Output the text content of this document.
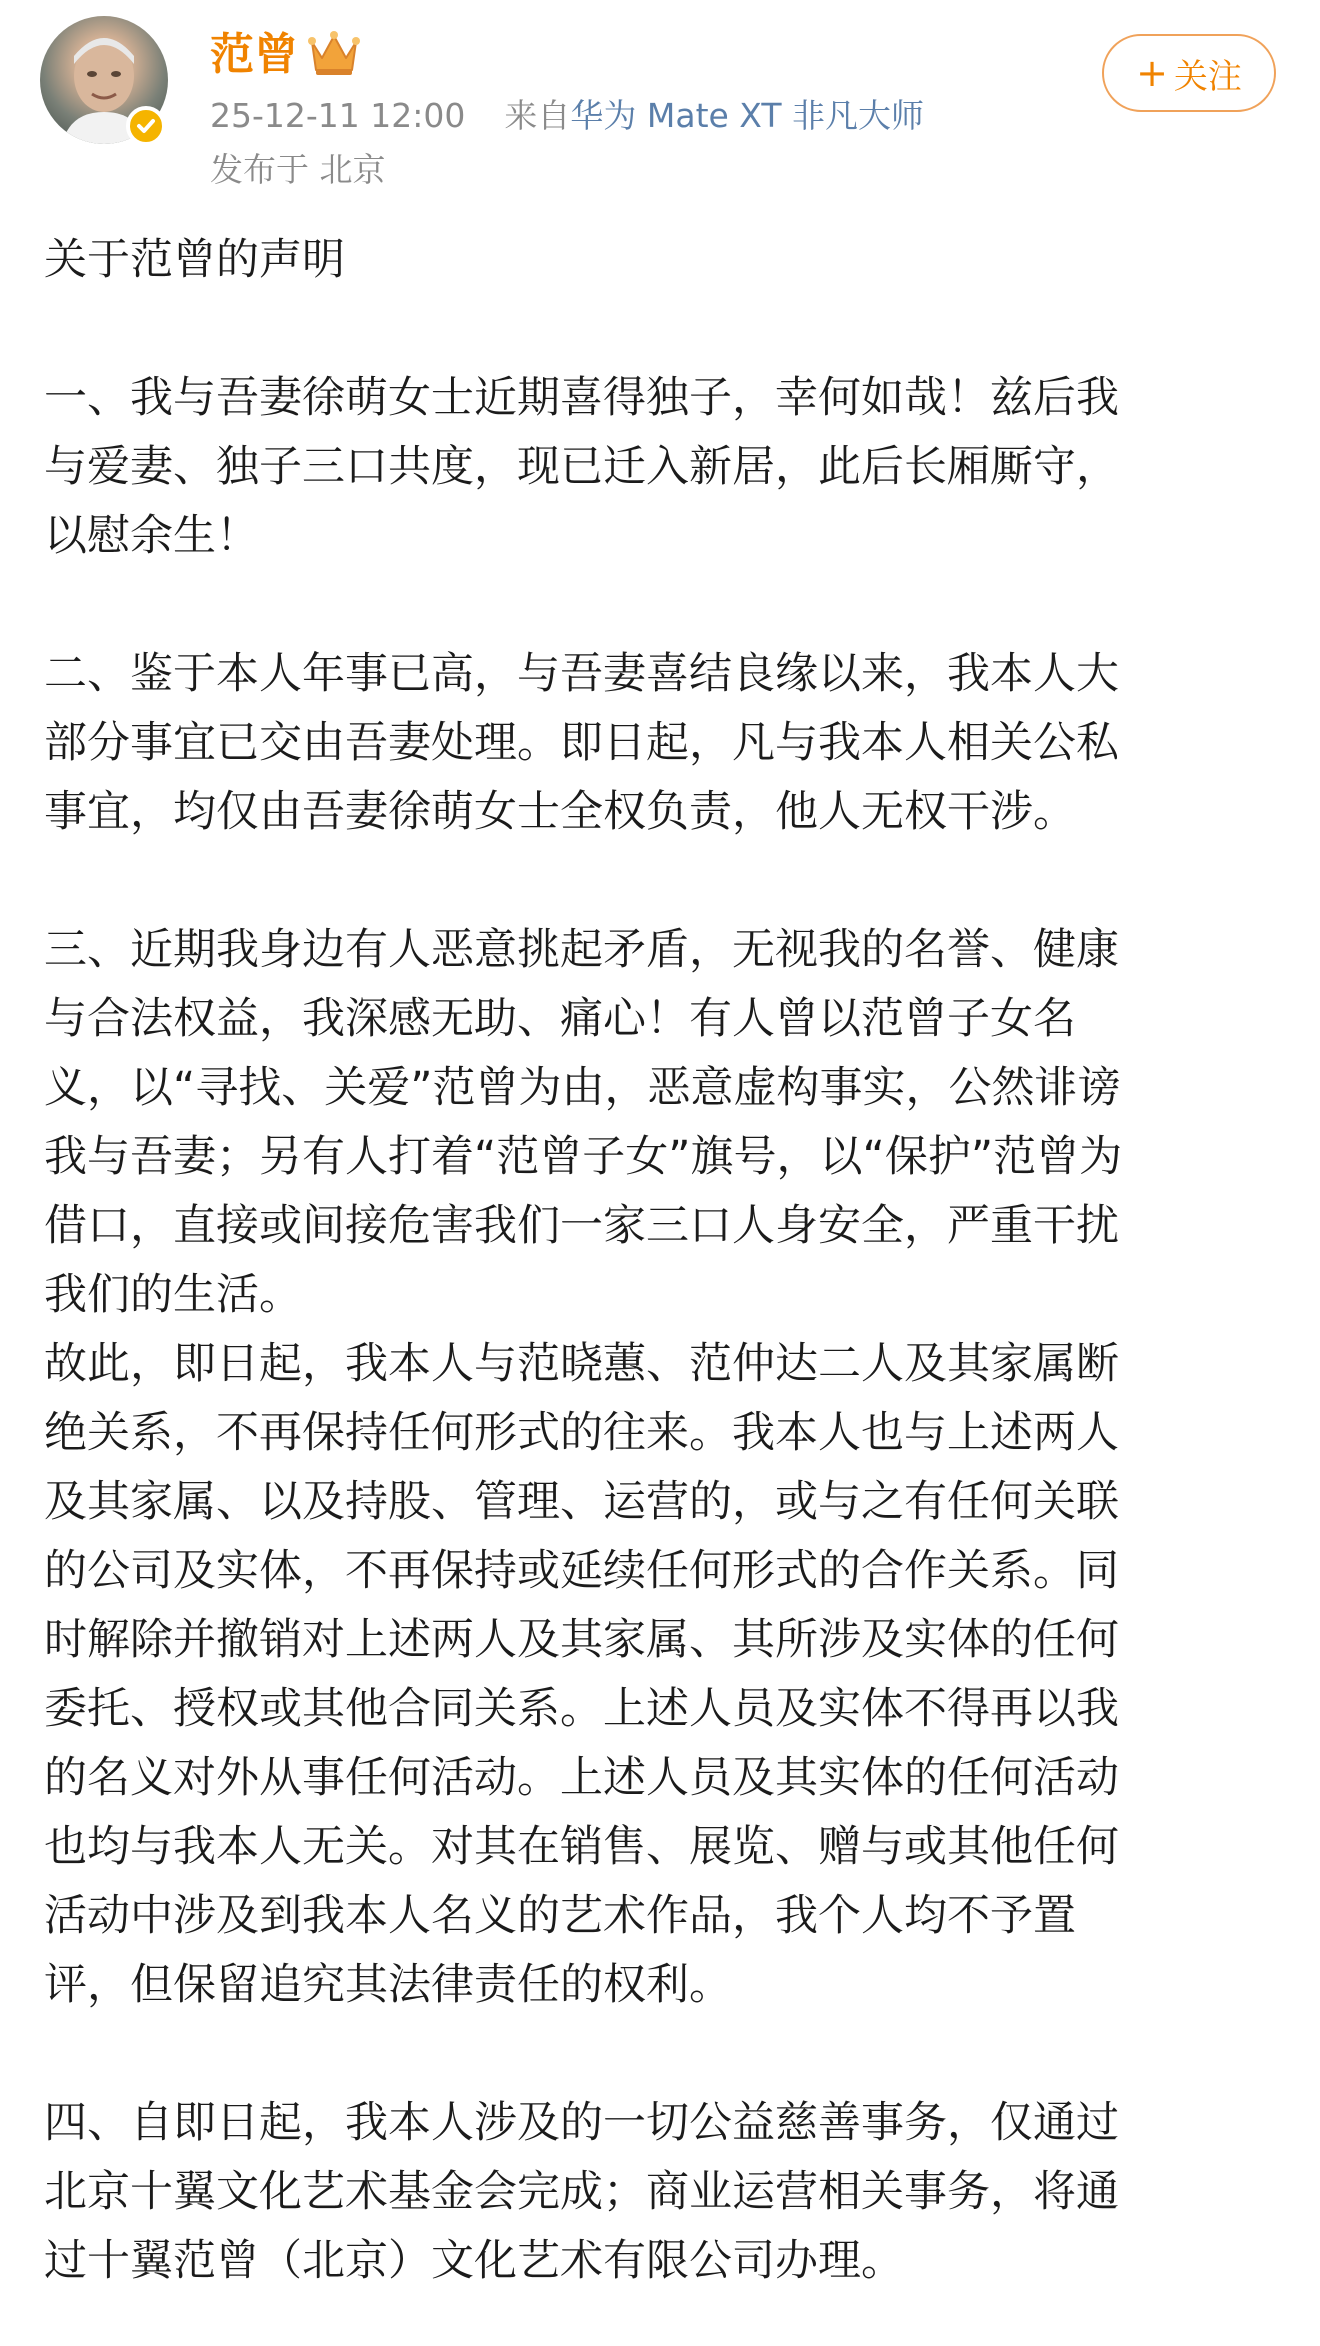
范曾
25-12-11 12:00 来自华为 Mate XT 非凡大师
发布于 北京
+ 关注

关于范曾的声明

一、我与吾妻徐萌女士近期喜得独子，幸何如哉！兹后我
与爱妻、独子三口共度，现已迁入新居，此后长厢厮守，
以慰余生！

二、鉴于本人年事已高，与吾妻喜结良缘以来，我本人大
部分事宜已交由吾妻处理。即日起，凡与我本人相关公私
事宜，均仅由吾妻徐萌女士全权负责，他人无权干涉。

三、近期我身边有人恶意挑起矛盾，无视我的名誉、健康
与合法权益，我深感无助、痛心！有人曾以范曾子女名
义，以“寻找、关爱”范曾为由，恶意虚构事实，公然诽谤
我与吾妻；另有人打着“范曾子女”旗号，以“保护”范曾为
借口，直接或间接危害我们一家三口人身安全，严重干扰
我们的生活。
故此，即日起，我本人与范晓蕙、范仲达二人及其家属断
绝关系，不再保持任何形式的往来。我本人也与上述两人
及其家属、以及持股、管理、运营的，或与之有任何关联
的公司及实体，不再保持或延续任何形式的合作关系。同
时解除并撤销对上述两人及其家属、其所涉及实体的任何
委托、授权或其他合同关系。上述人员及实体不得再以我
的名义对外从事任何活动。上述人员及其实体的任何活动
也均与我本人无关。对其在销售、展览、赠与或其他任何
活动中涉及到我本人名义的艺术作品，我个人均不予置
评，但保留追究其法律责任的权利。

四、自即日起，我本人涉及的一切公益慈善事务，仅通过
北京十翼文化艺术基金会完成；商业运营相关事务，将通
过十翼范曾（北京）文化艺术有限公司办理。
